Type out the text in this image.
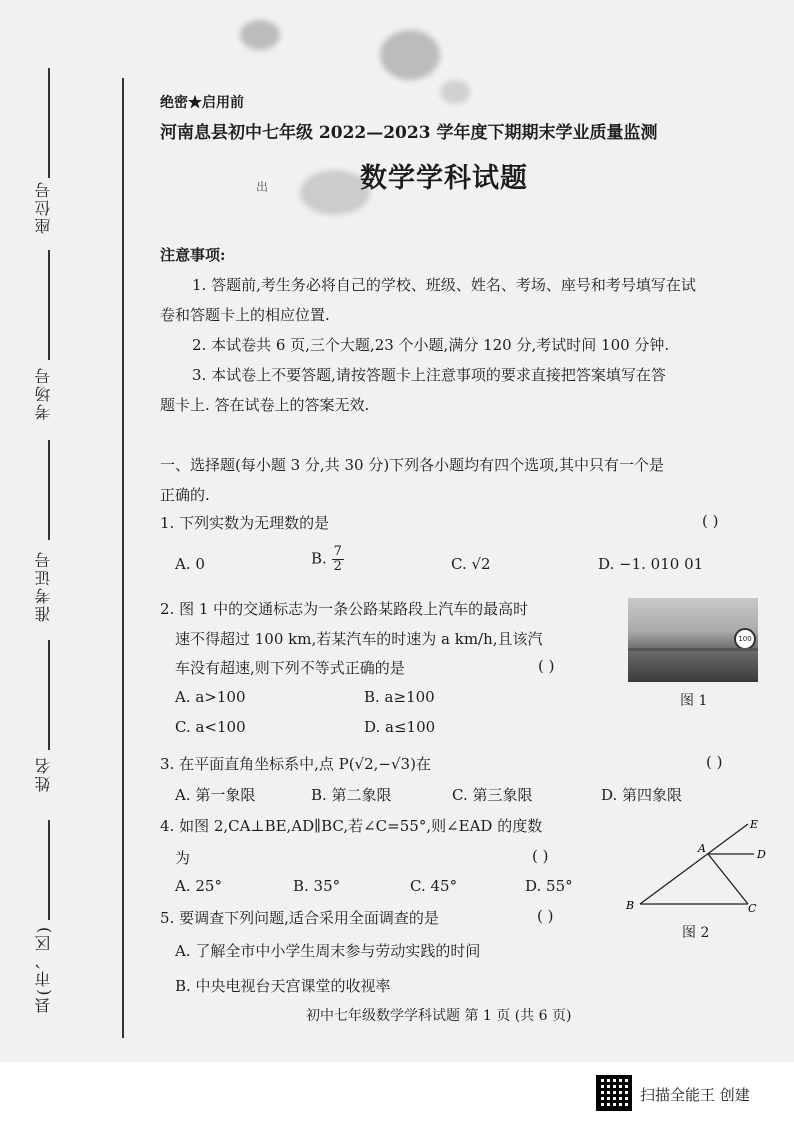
座位号
考场号
准考证号
姓名
县(市、区)
绝密★启用前
河南息县初中七年级 2022—2023 学年度下期期末学业质量监测
数学学科试题
出
注意事项:
1. 答题前,考生务必将自己的学校、班级、姓名、考场、座号和考号填写在试
卷和答题卡上的相应位置.
2. 本试卷共 6 页,三个大题,23 个小题,满分 120 分,考试时间 100 分钟.
3. 本试卷上不要答题,请按答题卡上注意事项的要求直接把答案填写在答
题卡上. 答在试卷上的答案无效.
一、选择题(每小题 3 分,共 30 分)下列各小题均有四个选项,其中只有一个是
正确的.
1. 下列实数为无理数的是	( )
A. 0	B. $\frac{7}{2}$	C. √2	D. −1. 010 01
2. 图 1 中的交通标志为一条公路某路段上汽车的最高时
速不得超过 100 km,若某汽车的时速为 a km/h,且该汽
车没有超速,则下列不等式正确的是	( )
A. a>100	B. a≥100
C. a<100	D. a≤100
100
图 1
3. 在平面直角坐标系中,点 P(√2,−√3)在	( )
A. 第一象限	B. 第二象限	C. 第三象限	D. 第四象限
4. 如图 2,CA⊥BE,AD∥BC,若∠C=55°,则∠EAD 的度数
为	( )
A. 25°	B. 35°	C. 45°	D. 55°
E
A	D
B	C
图 2
5. 要调查下列问题,适合采用全面调查的是	( )
A. 了解全市中小学生周末参与劳动实践的时间
B. 中央电视台天宫课堂的收视率
初中七年级数学学科试题 第 1 页 (共 6 页)
扫描全能王 创建
